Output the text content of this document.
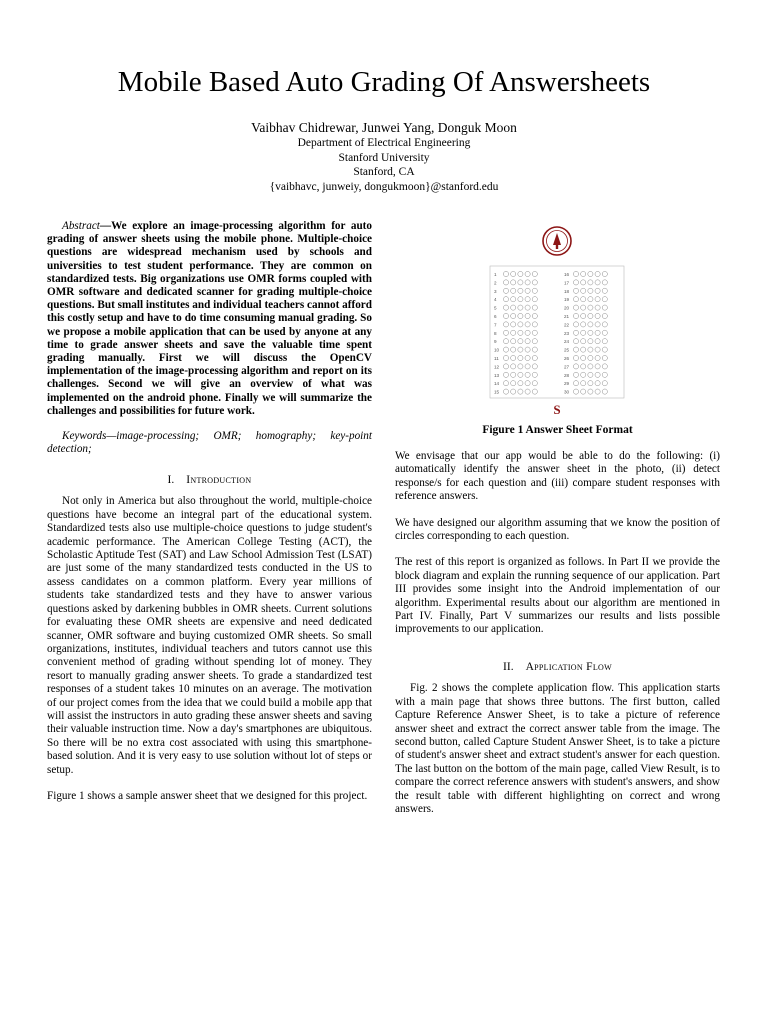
Mobile Based Auto Grading Of Answersheets
Vaibhav Chidrewar, Junwei Yang, Donguk Moon
Department of Electrical Engineering
Stanford University
Stanford, CA
{vaibhavc, junweiy, dongukmoon}@stanford.edu

Abstract—We explore an image-processing algorithm for auto grading of answer sheets using the mobile phone. Multiple-choice questions are widespread mechanism used by schools and universities to test student performance. They are common on standardized tests. Big organizations use OMR forms coupled with OMR software and dedicated scanner for grading multiple-choice questions. But small institutes and individual teachers cannot afford this costly setup and have to do time consuming manual grading. So we propose a mobile application that can be used by anyone at any time to grade answer sheets and save the valuable time spent grading manually. First we will discuss the OpenCV implementation of the image-processing algorithm and report on its challenges. Second we will give an overview of what was implemented on the android phone. Finally we will summarize the challenges and possibilities for future work.

Keywords—image-processing; OMR; homography; key-point detection;

I. Introduction

Not only in America but also throughout the world, multiple-choice questions have become an integral part of the educational system. Standardized tests also use multiple-choice questions to judge student's academic performance. The American College Testing (ACT), the Scholastic Aptitude Test (SAT) and Law School Admission Test (LSAT) are just some of the many standardized tests conducted in the US to assess candidates on a common platform. Every year millions of students take standardized tests and they have to answer various questions asked by darkening bubbles in OMR sheets. Current solutions for evaluating these OMR sheets are expensive and need dedicated scanner, OMR software and buying customized OMR sheets. So small organizations, institutes, individual teachers and tutors cannot use this convenient method of grading without spending lot of money. They resort to manually grading answer sheets. To grade a standardized test responses of a student takes 10 minutes on an average. The motivation of our project comes from the idea that we could build a mobile app that will assist the instructors in auto grading these answer sheets and saving their valuable instruction time. Now a day's smartphones are ubiquitous. So there will be no extra cost associated with using this smartphone-based solution. And it is very easy to use solution without lot of steps or setup.

Figure 1 shows a sample answer sheet that we designed for this project.

1
2
3
4
5
6
7
8
9
10
11
12
13
14
15
16
17
18
19
20
21
22
23
24
25
26
27
28
29
30
S
Figure 1 Answer Sheet Format

We envisage that our app would be able to do the following: (i) automatically identify the answer sheet in the photo, (ii) detect response/s for each question and (iii) compare student responses with reference answers.

We have designed our algorithm assuming that we know the position of circles corresponding to each question.

The rest of this report is organized as follows. In Part II we provide the block diagram and explain the running sequence of our application. Part III provides some insight into the Android implementation of our algorithm. Experimental results about our algorithm are mentioned in Part IV. Finally, Part V summarizes our results and lists possible improvements to our application.

II. Application Flow

Fig. 2 shows the complete application flow. This application starts with a main page that shows three buttons. The first button, called Capture Reference Answer Sheet, is to take a picture of reference answer sheet and extract the correct answer table from the image. The second button, called Capture Student Answer Sheet, is to take a picture of student's answer sheet and extract student's answer for each question. The last button on the bottom of the main page, called View Result, is to compare the correct reference answers with student's answers, and show the result table with different highlighting on correct and wrong answers.
